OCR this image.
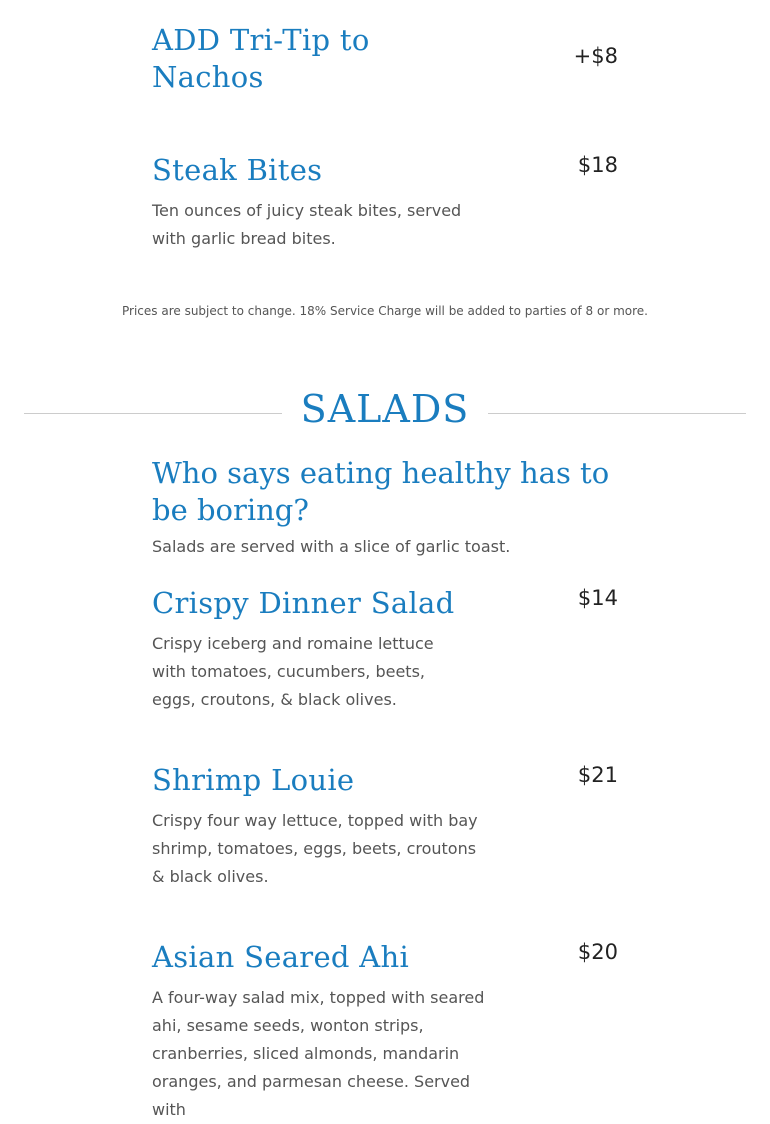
ADD Tri-Tip to Nachos
+$8
Steak Bites	$18

Ten ounces of juicy steak bites, served with garlic bread bites.

Prices are subject to change. 18% Service Charge will be added to parties of 8 or more.

SALADS
Who says eating healthy has to be boring?

Salads are served with a slice of garlic toast.

Crispy Dinner Salad	$14

Crispy iceberg and romaine lettuce with tomatoes, cucumbers, beets, eggs, croutons, & black olives.

Shrimp Louie	$21

Crispy four way lettuce, topped with bay shrimp, tomatoes, eggs, beets, croutons & black olives.

Asian Seared Ahi	$20

A four-way salad mix, topped with seared ahi, sesame seeds, wonton strips, cranberries, sliced almonds, mandarin oranges, and parmesan cheese. Served with
